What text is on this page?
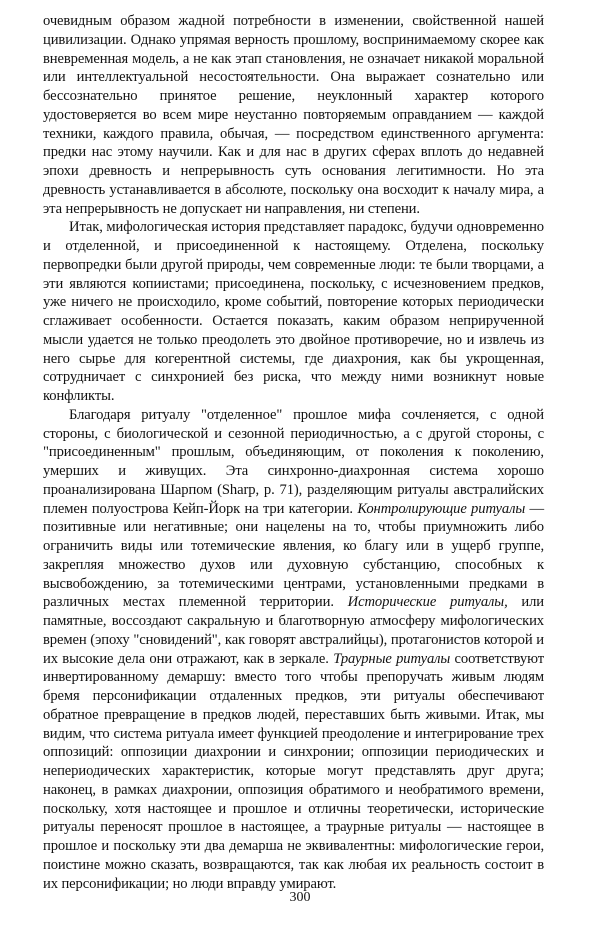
очевидным образом жадной потребности в изменении, свойственной нашей цивилизации. Однако упрямая верность прошлому, воспринимаемому скорее как вневременная модель, а не как этап становления, не означает никакой моральной или интеллектуальной несостоятельности. Она выражает сознательно или бессознательно принятое решение, неуклонный характер которого удостоверяется во всем мире неустанно повторяемым оправданием — каждой техники, каждого правила, обычая, — посредством единственного аргумента: предки нас этому научили. Как и для нас в других сферах вплоть до недавней эпохи древность и непрерывность суть основания легитимности. Но эта древность устанавливается в абсолюте, поскольку она восходит к началу мира, а эта непрерывность не допускает ни направления, ни степени.

Итак, мифологическая история представляет парадокс, будучи одновременно и отделенной, и присоединенной к настоящему. Отделена, поскольку первопредки были другой природы, чем современные люди: те были творцами, а эти являются копиистами; присоединена, поскольку, с исчезновением предков, уже ничего не происходило, кроме событий, повторение которых периодически сглаживает особенности. Остается показать, каким образом неприрученной мысли удается не только преодолеть это двойное противоречие, но и извлечь из него сырье для когерентной системы, где диахрония, как бы укрощенная, сотрудничает с синхронией без риска, что между ними возникнут новые конфликты.

Благодаря ритуалу "отделенное" прошлое мифа сочленяется, с одной стороны, с биологической и сезонной периодичностью, а с другой стороны, с "присоединенным" прошлым, объединяющим, от поколения к поколению, умерших и живущих. Эта синхронно-диахронная система хорошо проанализирована Шарпом (Sharp, p. 71), разделяющим ритуалы австралийских племен полуострова Кейп-Йорк на три категории. Контролирующие ритуалы — позитивные или негативные; они нацелены на то, чтобы приумножить либо ограничить виды или тотемические явления, ко благу или в ущерб группе, закрепляя множество духов или духовную субстанцию, способных к высвобождению, за тотемическими центрами, установленными предками в различных местах племенной территории. Исторические ритуалы, или памятные, воссоздают сакральную и благотворную атмосферу мифологических времен (эпоху "сновидений", как говорят австралийцы), протагонистов которой и их высокие дела они отражают, как в зеркале. Траурные ритуалы соответствуют инвертированному демаршу: вместо того чтобы препоручать живым людям бремя персонификации отдаленных предков, эти ритуалы обеспечивают обратное превращение в предков людей, переставших быть живыми. Итак, мы видим, что система ритуала имеет функцией преодоление и интегрирование трех оппозиций: оппозиции диахронии и синхронии; оппозиции периодических и непериодических характеристик, которые могут представлять друг друга; наконец, в рамках диахронии, оппозиция обратимого и необратимого времени, поскольку, хотя настоящее и прошлое и отличны теоретически, исторические ритуалы переносят прошлое в настоящее, а траурные ритуалы — настоящее в прошлое и поскольку эти два демарша не эквивалентны: мифологические герои, поистине можно сказать, возвращаются, так как любая их реальность состоит в их персонификации; но люди вправду умирают.

300
